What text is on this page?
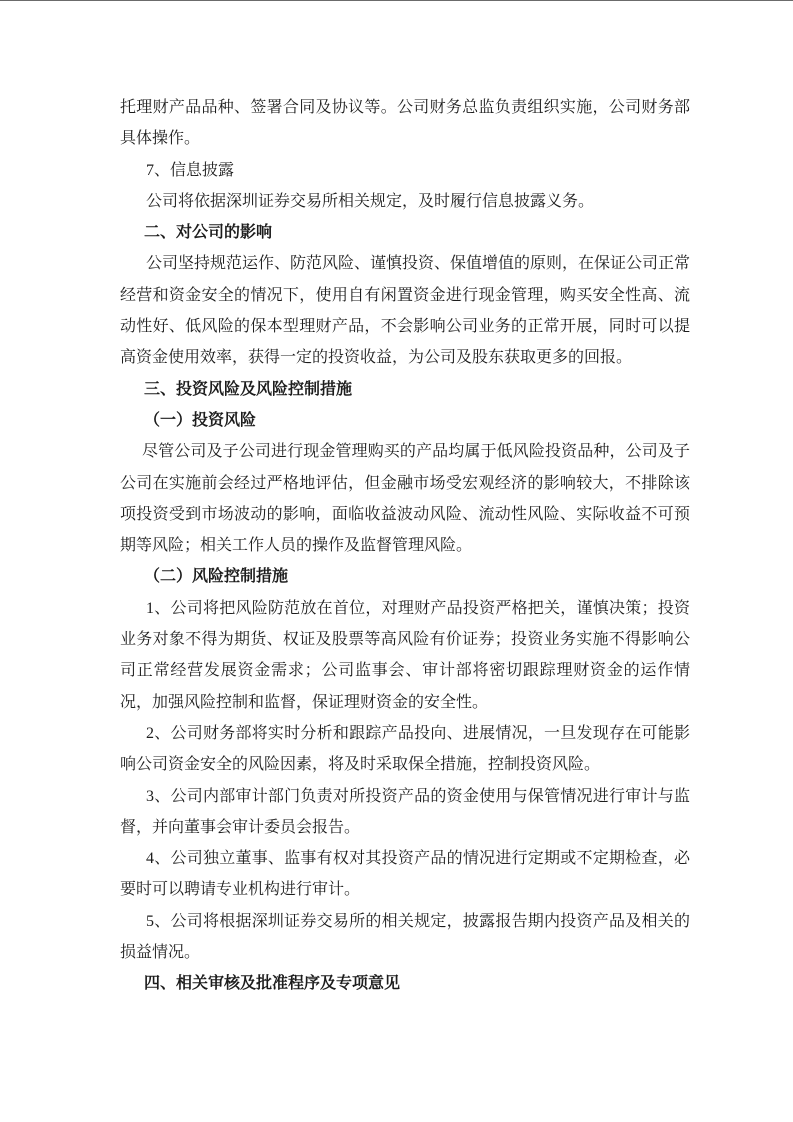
托理财产品品种、签署合同及协议等。公司财务总监负责组织实施，公司财务部具体操作。

7、信息披露

公司将依据深圳证券交易所相关规定，及时履行信息披露义务。

二、对公司的影响

公司坚持规范运作、防范风险、谨慎投资、保值增值的原则，在保证公司正常经营和资金安全的情况下，使用自有闲置资金进行现金管理，购买安全性高、流动性好、低风险的保本型理财产品，不会影响公司业务的正常开展，同时可以提高资金使用效率，获得一定的投资收益，为公司及股东获取更多的回报。

三、投资风险及风险控制措施

（一）投资风险

尽管公司及子公司进行现金管理购买的产品均属于低风险投资品种，公司及子公司在实施前会经过严格地评估，但金融市场受宏观经济的影响较大，不排除该项投资受到市场波动的影响，面临收益波动风险、流动性风险、实际收益不可预期等风险；相关工作人员的操作及监督管理风险。

（二）风险控制措施

1、公司将把风险防范放在首位，对理财产品投资严格把关，谨慎决策；投资业务对象不得为期货、权证及股票等高风险有价证券；投资业务实施不得影响公司正常经营发展资金需求；公司监事会、审计部将密切跟踪理财资金的运作情况，加强风险控制和监督，保证理财资金的安全性。

2、公司财务部将实时分析和跟踪产品投向、进展情况，一旦发现存在可能影响公司资金安全的风险因素，将及时采取保全措施，控制投资风险。

3、公司内部审计部门负责对所投资产品的资金使用与保管情况进行审计与监督，并向董事会审计委员会报告。

4、公司独立董事、监事有权对其投资产品的情况进行定期或不定期检查，必要时可以聘请专业机构进行审计。

5、公司将根据深圳证券交易所的相关规定，披露报告期内投资产品及相关的损益情况。

四、相关审核及批准程序及专项意见
